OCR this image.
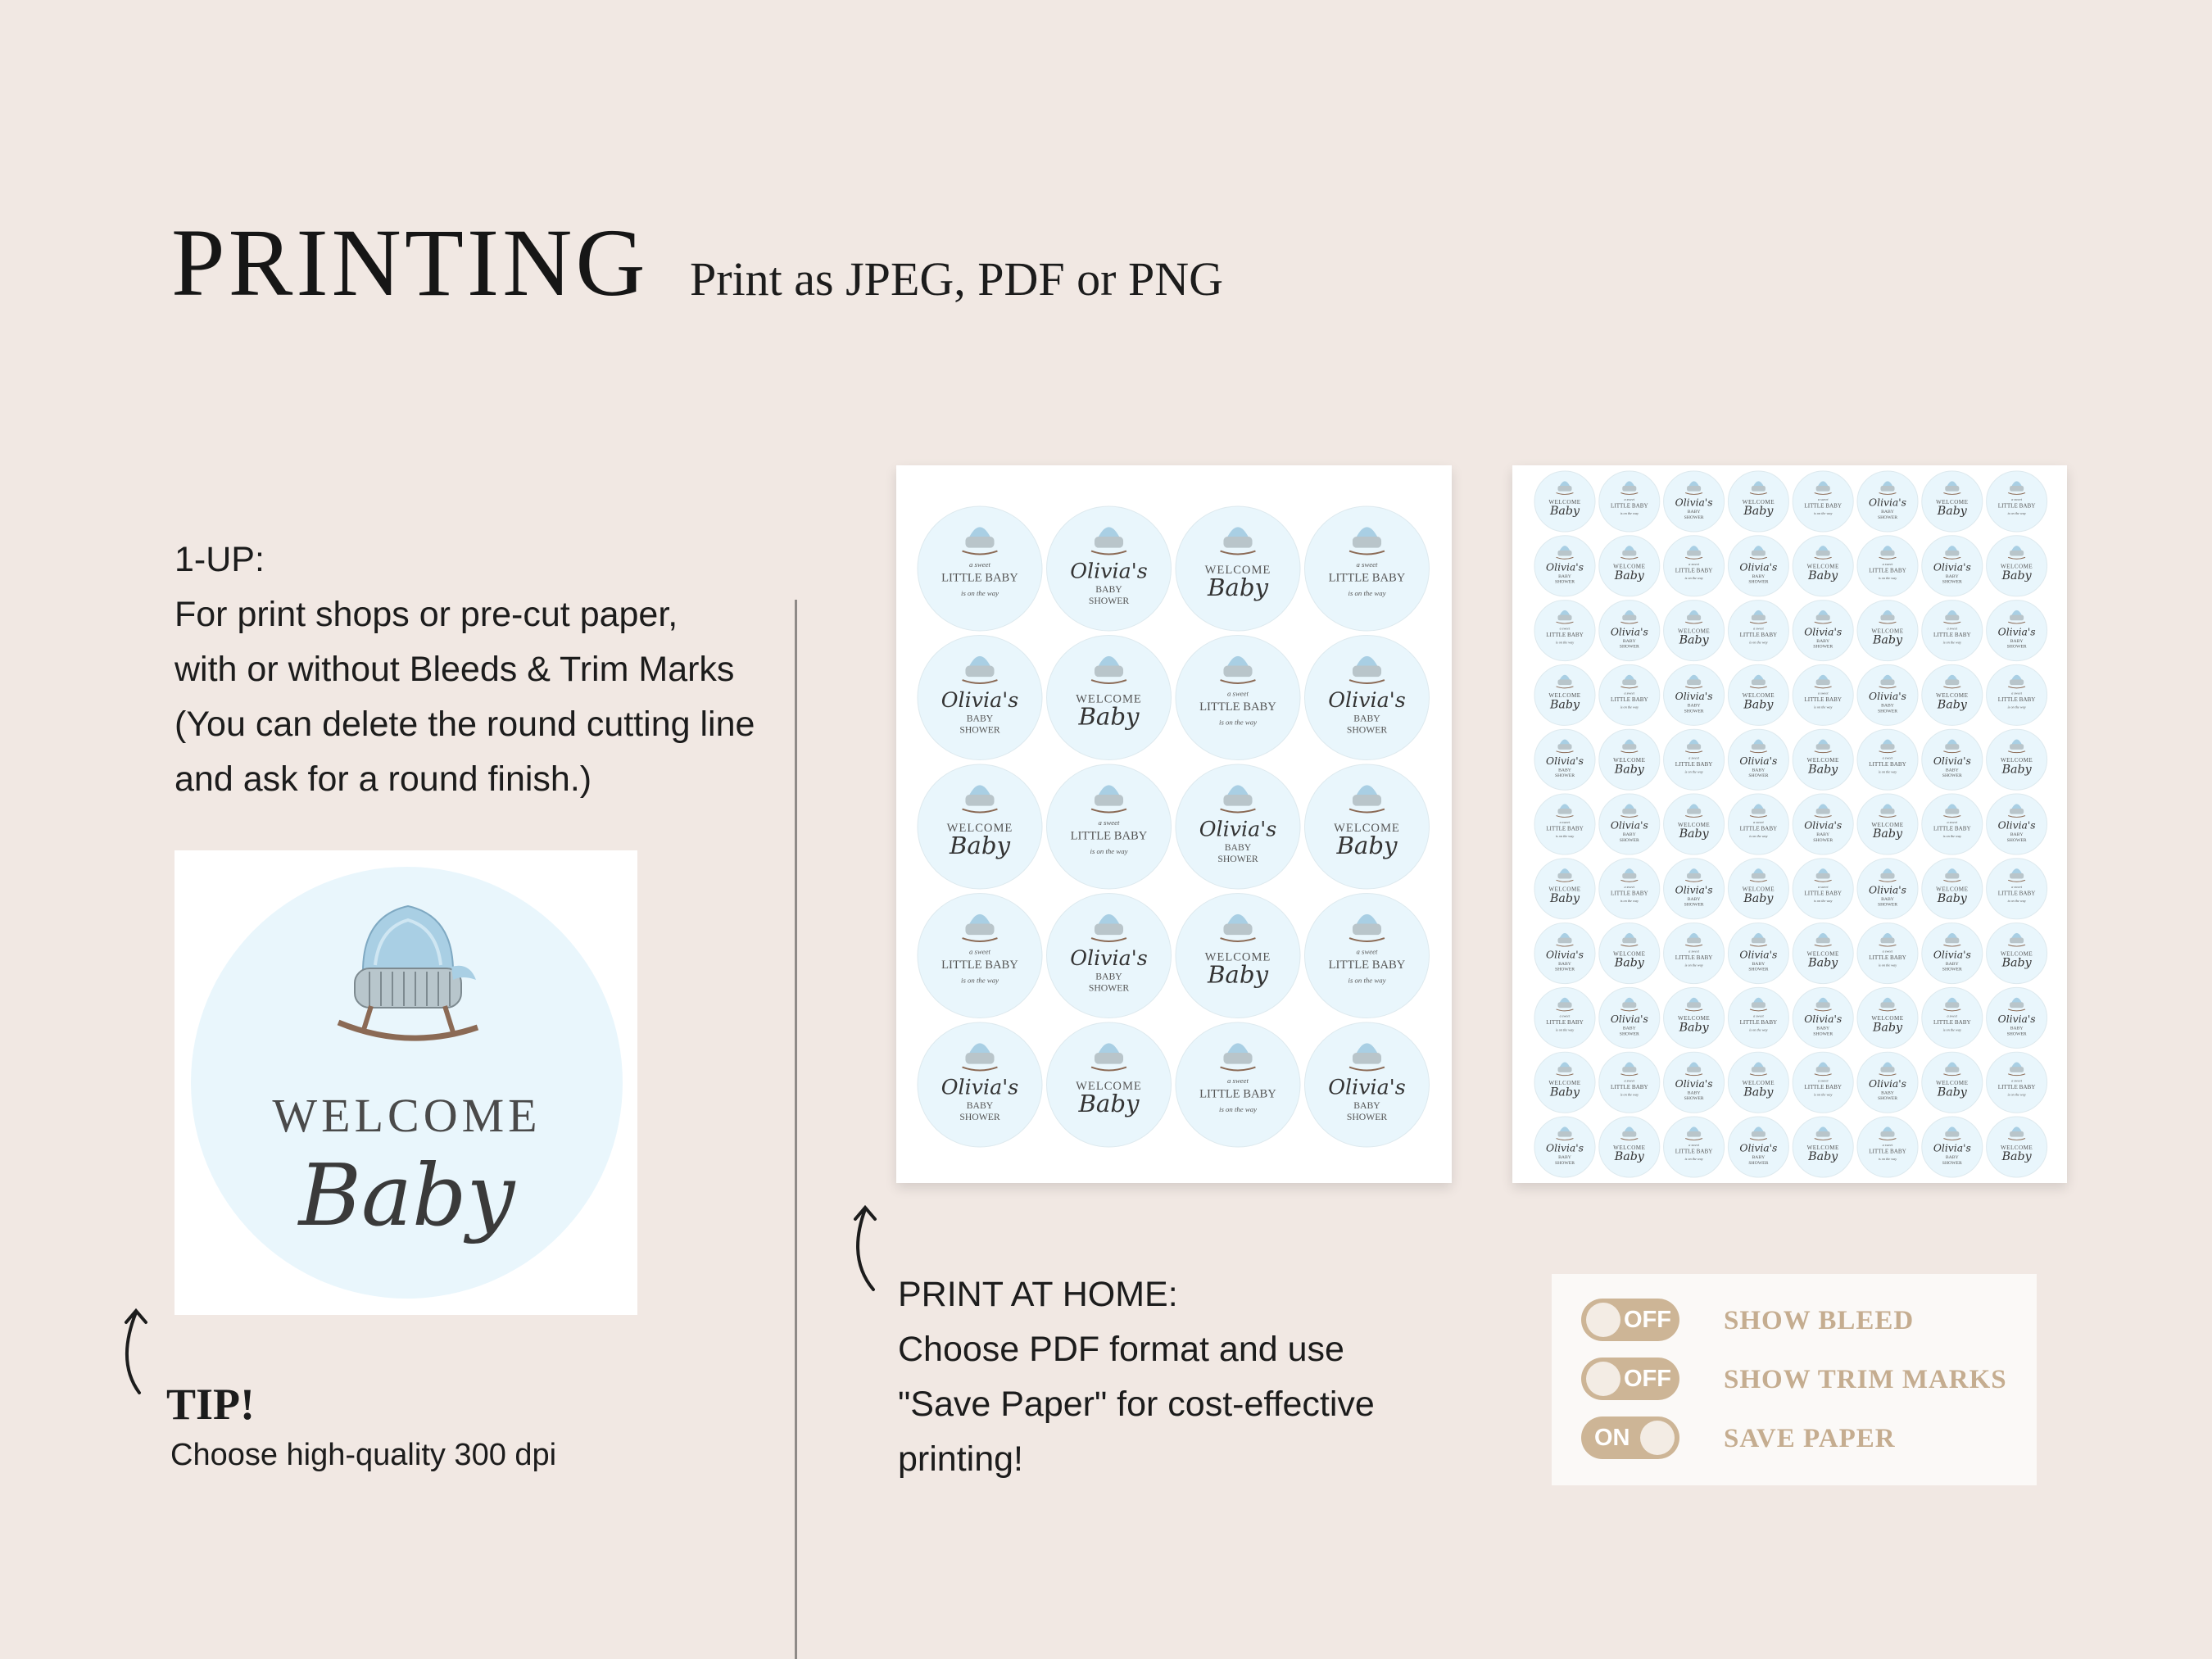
PRINTING Print as JPEG, PDF or PNG
1-UP:
For print shops or pre-cut paper,
with or without Bleeds & Trim Marks
(You can delete the round cutting line
and ask for a round finish.)
WELCOME
Baby
TIP!
Choose high-quality 300 dpi
a sweet
LITTLE BABY
is on the way
Olivia's
BABY
SHOWER
WELCOME
Baby
a sweet
LITTLE BABY
is on the way
Olivia's
BABY
SHOWER
WELCOME
Baby
a sweet
LITTLE BABY
is on the way
Olivia's
BABY
SHOWER
WELCOME
Baby
a sweet
LITTLE BABY
is on the way
Olivia's
BABY
SHOWER
WELCOME
Baby
a sweet
LITTLE BABY
is on the way
Olivia's
BABY
SHOWER
WELCOME
Baby
a sweet
LITTLE BABY
is on the way
Olivia's
BABY
SHOWER
WELCOME
Baby
a sweet
LITTLE BABY
is on the way
Olivia's
BABY
SHOWER
WELCOME
Baby
a sweet
LITTLE BABY
is on the way
Olivia's
BABY
SHOWER
WELCOME
Baby
a sweet
LITTLE BABY
is on the way
Olivia's
BABY
SHOWER
WELCOME
Baby
a sweet
LITTLE BABY
is on the way
Olivia's
BABY
SHOWER
WELCOME
Baby
a sweet
LITTLE BABY
is on the way
Olivia's
BABY
SHOWER
WELCOME
Baby
a sweet
LITTLE BABY
is on the way
Olivia's
BABY
SHOWER
WELCOME
Baby
a sweet
LITTLE BABY
is on the way
Olivia's
BABY
SHOWER
WELCOME
Baby
a sweet
LITTLE BABY
is on the way
Olivia's
BABY
SHOWER
WELCOME
Baby
a sweet
LITTLE BABY
is on the way
Olivia's
BABY
SHOWER
WELCOME
Baby
a sweet
LITTLE BABY
is on the way
Olivia's
BABY
SHOWER
WELCOME
Baby
a sweet
LITTLE BABY
is on the way
Olivia's
BABY
SHOWER
WELCOME
Baby
a sweet
LITTLE BABY
is on the way
Olivia's
BABY
SHOWER
WELCOME
Baby
a sweet
LITTLE BABY
is on the way
Olivia's
BABY
SHOWER
WELCOME
Baby
a sweet
LITTLE BABY
is on the way
Olivia's
BABY
SHOWER
WELCOME
Baby
a sweet
LITTLE BABY
is on the way
Olivia's
BABY
SHOWER
WELCOME
Baby
a sweet
LITTLE BABY
is on the way
Olivia's
BABY
SHOWER
WELCOME
Baby
a sweet
LITTLE BABY
is on the way
Olivia's
BABY
SHOWER
WELCOME
Baby
a sweet
LITTLE BABY
is on the way
Olivia's
BABY
SHOWER
WELCOME
Baby
a sweet
LITTLE BABY
is on the way
Olivia's
BABY
SHOWER
WELCOME
Baby
a sweet
LITTLE BABY
is on the way
Olivia's
BABY
SHOWER
WELCOME
Baby
a sweet
LITTLE BABY
is on the way
Olivia's
BABY
SHOWER
WELCOME
Baby
a sweet
LITTLE BABY
is on the way
Olivia's
BABY
SHOWER
WELCOME
Baby
a sweet
LITTLE BABY
is on the way
Olivia's
BABY
SHOWER
WELCOME
Baby
a sweet
LITTLE BABY
is on the way
Olivia's
BABY
SHOWER
WELCOME
Baby
a sweet
LITTLE BABY
is on the way
Olivia's
BABY
SHOWER
WELCOME
Baby
a sweet
LITTLE BABY
is on the way
Olivia's
BABY
SHOWER
WELCOME
Baby
a sweet
LITTLE BABY
is on the way
Olivia's
BABY
SHOWER
WELCOME
Baby
a sweet
LITTLE BABY
is on the way
Olivia's
BABY
SHOWER
WELCOME
Baby
a sweet
LITTLE BABY
is on the way
Olivia's
BABY
SHOWER
WELCOME
Baby
a sweet
LITTLE BABY
is on the way
Olivia's
BABY
SHOWER
WELCOME
Baby
PRINT AT HOME:
Choose PDF format and use
"Save Paper" for cost-effective
printing!
OFF SHOW BLEED
OFF SHOW TRIM MARKS
ON	SAVE PAPER
